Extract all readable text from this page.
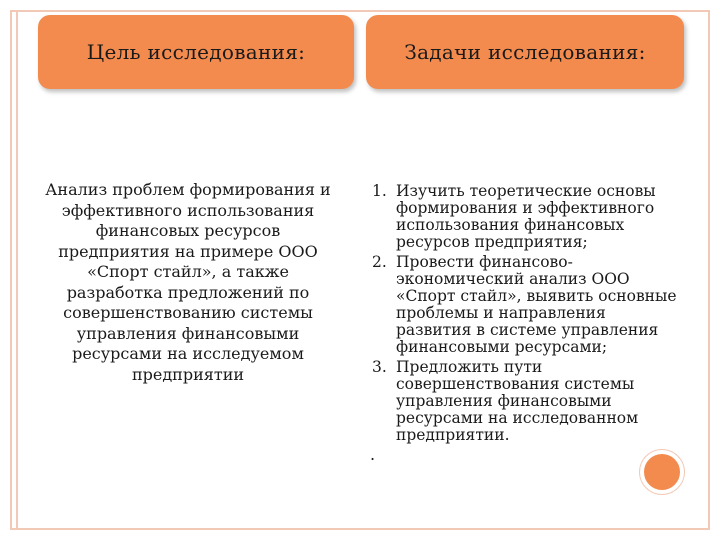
Цель исследования:	Задачи исследования:
Анализ проблем формирования и эффективного использования финансовых ресурсов предприятия на примере ООО «Спорт стайл», а также разработка предложений по совершенствованию системы управления финансовыми ресурсами на исследуемом предприятии
1. Изучить теоретические основы формирования и эффективного использования финансовых ресурсов предприятия;
2. Провести финансово-экономический анализ ООО «Спорт стайл», выявить основные проблемы и направления развития в системе управления финансовыми ресурсами;
3. Предложить пути совершенствования системы управления финансовыми ресурсами на исследованном предприятии.
.
